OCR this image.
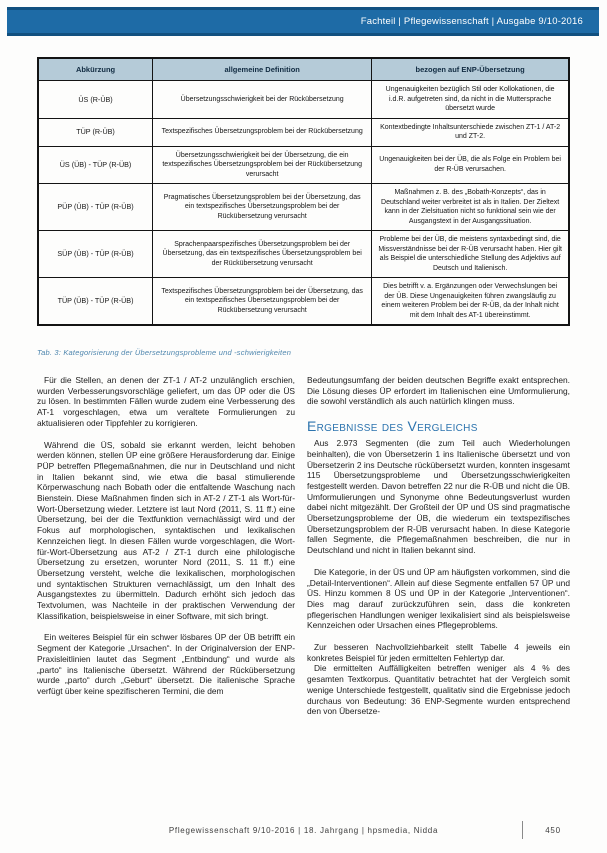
Fachteil | Pflegewissenschaft | Ausgabe 9/10-2016
Abkürzung	allgemeine Definition	bezogen auf ENP-Übersetzung
ÜS (R-ÜB)	Übersetzungsschwierigkeit bei der Rückübersetzung	Ungenauigkeiten bezüglich Stil oder Kollokationen, die i.d.R. aufgetreten sind, da nicht in die Muttersprache übersetzt wurde
TÜP (R-ÜB)	Textspezifisches Übersetzungsproblem bei der Rückübersetzung	Kontextbedingte Inhaltsunterschiede zwischen ZT-1 / AT-2 und ZT-2.
ÜS (ÜB) - TÜP (R-ÜB)	Übersetzungsschwierigkeit bei der Übersetzung, die ein textspezifisches Übersetzungsproblem bei der Rückübersetzung verursacht	Ungenauigkeiten bei der ÜB, die als Folge ein Problem bei der R-ÜB verursachen.
PÜP (ÜB) - TÜP (R-ÜB)	Pragmatisches Übersetzungsproblem bei der Übersetzung, das ein textspezifisches Übersetzungsproblem bei der Rückübersetzung verursacht	Maßnahmen z. B. des „Bobath-Konzepts“, das in Deutschland weiter verbreitet ist als in Italien. Der Zieltext kann in der Zielsituation nicht so funktional sein wie der Ausgangstext in der Ausgangssituation.
SÜP (ÜB) - TÜP (R-ÜB)	Sprachenpaarspezifisches Übersetzungsproblem bei der Übersetzung, das ein textspezifisches Übersetzungsproblem bei der Rückübersetzung verursacht	Probleme bei der ÜB, die meistens syntaxbedingt sind, die Missverständnisse bei der R-ÜB verursacht haben. Hier gilt als Beispiel die unterschiedliche Stellung des Adjektivs auf Deutsch und Italienisch.
TÜP (ÜB) - TÜP (R-ÜB)	Textspezifisches Übersetzungsproblem bei der Übersetzung, das ein textspezifisches Übersetzungsproblem bei der Rückübersetzung verursacht	Dies betrifft v. a. Ergänzungen oder Verwechslungen bei der ÜB. Diese Ungenauigkeiten führen zwangsläufig zu einem weiteren Problem bei der R-ÜB, da der Inhalt nicht mit dem Inhalt des AT-1 übereinstimmt.
Tab. 3: Kategorisierung der Übersetzungsprobleme und -schwierigkeiten

Für die Stellen, an denen der ZT-1 / AT-2 unzulänglich erschien, wurden Verbesserungsvorschläge geliefert, um das ÜP oder die ÜS zu lösen. In bestimmten Fällen wurde zudem eine Verbesserung des AT-1 vorgeschlagen, etwa um veraltete Formulierungen zu aktualisieren oder Tippfehler zu korrigieren.

Während die ÜS, sobald sie erkannt werden, leicht behoben werden können, stellen ÜP eine größere Herausforderung dar. Einige PÜP betreffen Pflegemaßnahmen, die nur in Deutschland und nicht in Italien bekannt sind, wie etwa die basal stimulierende Körperwaschung nach Bobath oder die entfaltende Waschung nach Bienstein. Diese Maßnahmen finden sich in AT-2 / ZT-1 als Wort-für-Wort-Übersetzung wieder. Letztere ist laut Nord (2011, S. 11 ff.) eine Übersetzung, bei der die Textfunktion vernachlässigt wird und der Fokus auf morphologischen, syntaktischen und lexikalischen Kennzeichen liegt. In diesen Fällen wurde vorgeschlagen, die Wort-für-Wort-Übersetzung aus AT-2 / ZT-1 durch eine philologische Übersetzung zu ersetzen, worunter Nord (2011, S. 11 ff.) eine Übersetzung versteht, welche die lexikalischen, morphologischen und syntaktischen Strukturen vernachlässigt, um den Inhalt des Ausgangstextes zu übermitteln. Dadurch erhöht sich jedoch das Textvolumen, was Nachteile in der praktischen Verwendung der Klassifikation, beispielsweise in einer Software, mit sich bringt.

Ein weiteres Beispiel für ein schwer lösbares ÜP der ÜB betrifft ein Segment der Kategorie „Ursachen“. In der Originalversion der ENP-Praxisleitlinien lautet das Segment „Entbindung“ und wurde als „parto“ ins Italienische übersetzt. Während der Rückübersetzung wurde „parto“ durch „Geburt“ übersetzt. Die italienische Sprache verfügt über keine spezifischeren Termini, die dem

Bedeutungsumfang der beiden deutschen Begriffe exakt entsprechen. Die Lösung dieses ÜP erfordert im Italienischen eine Umformulierung, die sowohl verständlich als auch natürlich klingen muss.

Ergebnisse des Vergleichs

Aus 2.973 Segmenten (die zum Teil auch Wiederholungen beinhalten), die von Übersetzerin 1 ins Italienische übersetzt und von Übersetzerin 2 ins Deutsche rückübersetzt wurden, konnten insgesamt 115 Übersetzungsprobleme und Übersetzungsschwierigkeiten festgestellt werden. Davon betreffen 22 nur die R-ÜB und nicht die ÜB. Umformulierungen und Synonyme ohne Bedeutungsverlust wurden dabei nicht mitgezählt. Der Großteil der ÜP und ÜS sind pragmatische Übersetzungsprobleme der ÜB, die wiederum ein textspezifisches Übersetzungsproblem der R-ÜB verursacht haben. In diese Kategorie fallen Segmente, die Pflegemaßnahmen beschreiben, die nur in Deutschland und nicht in Italien bekannt sind.

Die Kategorie, in der ÜS und ÜP am häufigsten vorkommen, sind die „Detail-Interventionen“. Allein auf diese Segmente entfallen 57 ÜP und ÜS. Hinzu kommen 8 ÜS und ÜP in der Kategorie „Interventionen“. Dies mag darauf zurückzuführen sein, dass die konkreten pflegerischen Handlungen weniger lexikalisiert sind als beispielsweise Kennzeichen oder Ursachen eines Pflegeproblems.

Zur besseren Nachvollziehbarkeit stellt Tabelle 4 jeweils ein konkretes Beispiel für jeden ermittelten Fehlertyp dar.

Die ermittelten Auffälligkeiten betreffen weniger als 4 % des gesamten Textkorpus. Quantitativ betrachtet hat der Vergleich somit wenige Unterschiede festgestellt, qualitativ sind die Ergebnisse jedoch durchaus von Bedeutung: 36 ENP-Segmente wurden entsprechend den von Übersetze-

Pflegewissenschaft 9/10-2016 | 18. Jahrgang | hpsmedia, Nidda	450
